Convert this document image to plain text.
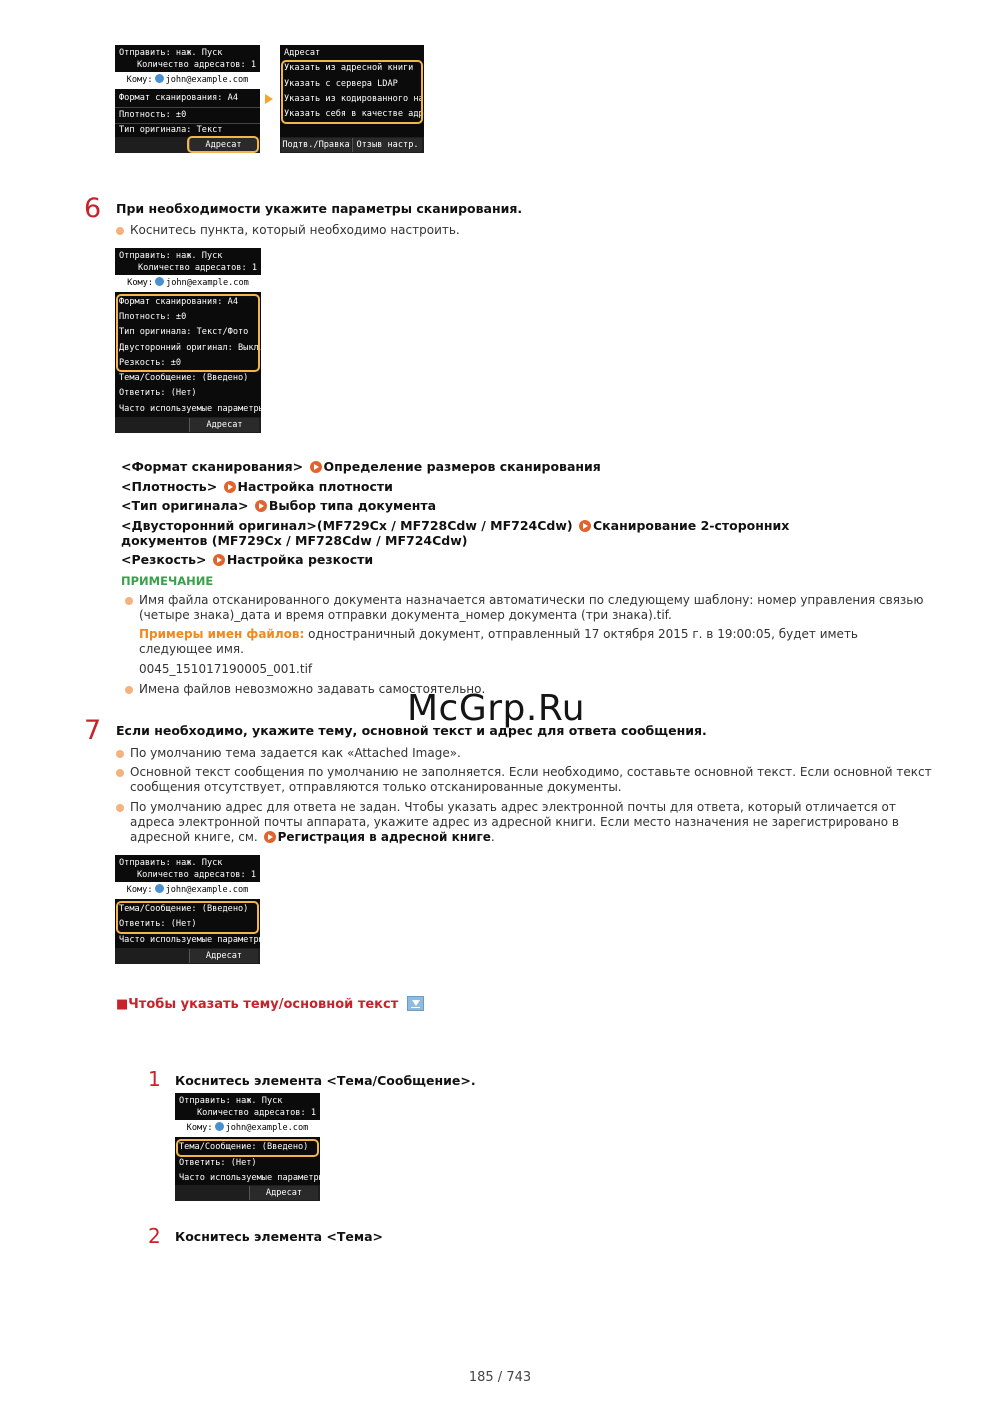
Отправить: наж. Пуск
Количество адресатов: 1
Кому: john@example.com
Формат сканирования: A4
Плотность: ±0
Тип оригинала: Текст
Адресат
Адресат
Указать из адресной книги
Указать с сервера LDAP
Указать из кодированного набор
Указать себя в качестве адреса
Подтв./Правка Отзыв настр.
6 При необходимости укажите параметры сканирования.
Коснитесь пункта, который необходимо настроить.
Отправить: наж. Пуск
Количество адресатов: 1
Кому: john@example.com
Формат сканирования: A4
Плотность: ±0
Тип оригинала: Текст/Фото
Двусторонний оригинал: Выкл.
Резкость: ±0
Тема/Сообщение: (Введено)
Ответить: (Нет)
Часто используемые параметры:
Адресат
<Формат сканирования> Определение размеров сканирования
<Плотность> Настройка плотности
<Тип оригинала> Выбор типа документа
<Двусторонний оригинал>(MF729Cx / MF728Cdw / MF724Cdw) Сканирование 2-сторонних
документов (MF729Cx / MF728Cdw / MF724Cdw)
<Резкость> Настройка резкости
ПРИМЕЧАНИЕ
Имя файла отсканированного документа назначается автоматически по следующему шаблону: номер управления связью
(четыре знака)_дата и время отправки документа_номер документа (три знака).tif.
Примеры имен файлов: одностраничный документ, отправленный 17 октября 2015 г. в 19:00:05, будет иметь
следующее имя.
0045_151017190005_001.tif
Имена файлов невозможно задавать самостоятельно.
McGrp.Ru
7 Если необходимо, укажите тему, основной текст и адрес для ответа сообщения.
По умолчанию тема задается как «Attached Image».
Основной текст сообщения по умолчанию не заполняется. Если необходимо, составьте основной текст. Если основной текст
сообщения отсутствует, отправляются только отсканированные документы.
По умолчанию адрес для ответа не задан. Чтобы указать адрес электронной почты для ответа, который отличается от
адреса электронной почты аппарата, укажите адрес из адресной книги. Если место назначения не зарегистрировано в
адресной книге, см. Регистрация в адресной книге.
Отправить: наж. Пуск
Количество адресатов: 1
Кому: john@example.com
Тема/Сообщение: (Введено)
Ответить: (Нет)
Часто используемые параметры:
Адресат
■Чтобы указать тему/основной текст
1 Коснитесь элемента <Тема/Сообщение>.
Отправить: наж. Пуск
Количество адресатов: 1
Кому: john@example.com
Тема/Сообщение: (Введено)
Ответить: (Нет)
Часто используемые параметры:
Адресат
2 Коснитесь элемента <Тема>
185 / 743
